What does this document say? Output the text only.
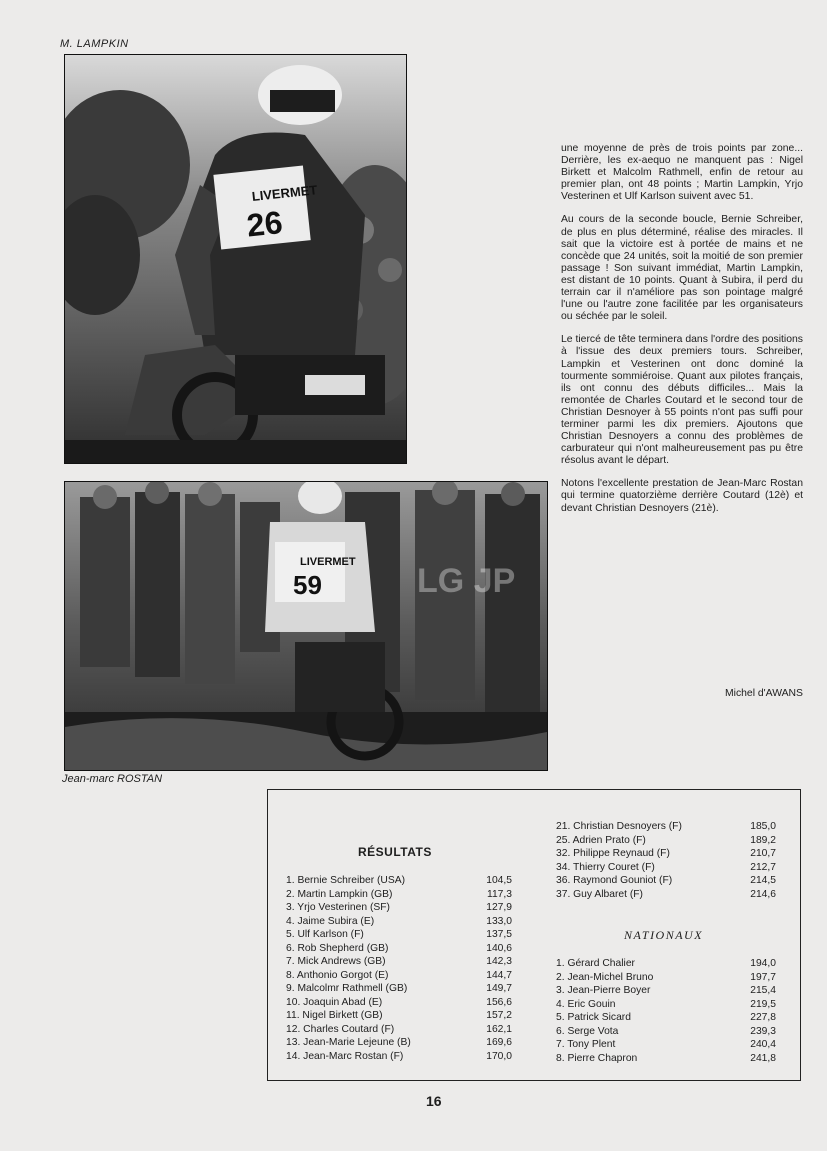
M. LAMPKIN
LIVERMET
26
LIVERMET
59	LG JP
Jean-marc ROSTAN

une moyenne de près de trois points par zone... Derrière, les ex-aequo ne manquent pas : Nigel Birkett et Malcolm Rathmell, enfin de retour au premier plan, ont 48 points ; Martin Lampkin, Yrjo Vesterinen et Ulf Karlson suivent avec 51.

Au cours de la seconde boucle, Bernie Schreiber, de plus en plus déterminé, réalise des miracles. Il sait que la victoire est à portée de mains et ne concède que 24 unités, soit la moitié de son premier passage ! Son suivant immédiat, Martin Lampkin, est distant de 10 points. Quant à Subira, il perd du terrain car il n'améliore pas son pointage malgré l'une ou l'autre zone facilitée par les organisateurs ou séchée par le soleil.

Le tiercé de tête terminera dans l'ordre des positions à l'issue des deux premiers tours. Schreiber, Lampkin et Vesterinen ont donc dominé la tourmente sommiéroise. Quant aux pilotes français, ils ont connu des débuts difficiles... Mais la remontée de Charles Coutard et le second tour de Christian Desnoyer à 55 points n'ont pas suffi pour terminer parmi les dix premiers. Ajoutons que Christian Desnoyers a connu des problèmes de carburateur qui n'ont malheureusement pas pu être résolus avant le départ.

Notons l'excellente prestation de Jean-Marc Rostan qui termine quatorzième derrière Coutard (12è) et devant Christian Desnoyers (21è).

Michel d'AWANS
RÉSULTATS
1. Bernie Schreiber (USA)	104,5
2. Martin Lampkin (GB)	117,3
3. Yrjo Vesterinen (SF)	127,9
4. Jaime Subira (E)	133,0
5. Ulf Karlson (F)	137,5
6. Rob Shepherd (GB)	140,6
7. Mick Andrews (GB)	142,3
8. Anthonio Gorgot (E)	144,7
9. Malcolmr Rathmell (GB)	149,7
10. Joaquin Abad (E)	156,6
11. Nigel Birkett (GB)	157,2
12. Charles Coutard (F)	162,1
13. Jean-Marie Lejeune (B)	169,6
14. Jean-Marc Rostan (F)	170,0
21. Christian Desnoyers (F)	185,0
25. Adrien Prato (F)	189,2
32. Philippe Reynaud (F)	210,7
34. Thierry Couret (F)	212,7
36. Raymond Gouniot (F)	214,5
37. Guy Albaret (F)	214,6
NATIONAUX
1. Gérard Chalier	194,0
2. Jean-Michel Bruno	197,7
3. Jean-Pierre Boyer	215,4
4. Eric Gouin	219,5
5. Patrick Sicard	227,8
6. Serge Vota	239,3
7. Tony Plent	240,4
8. Pierre Chapron	241,8
16
